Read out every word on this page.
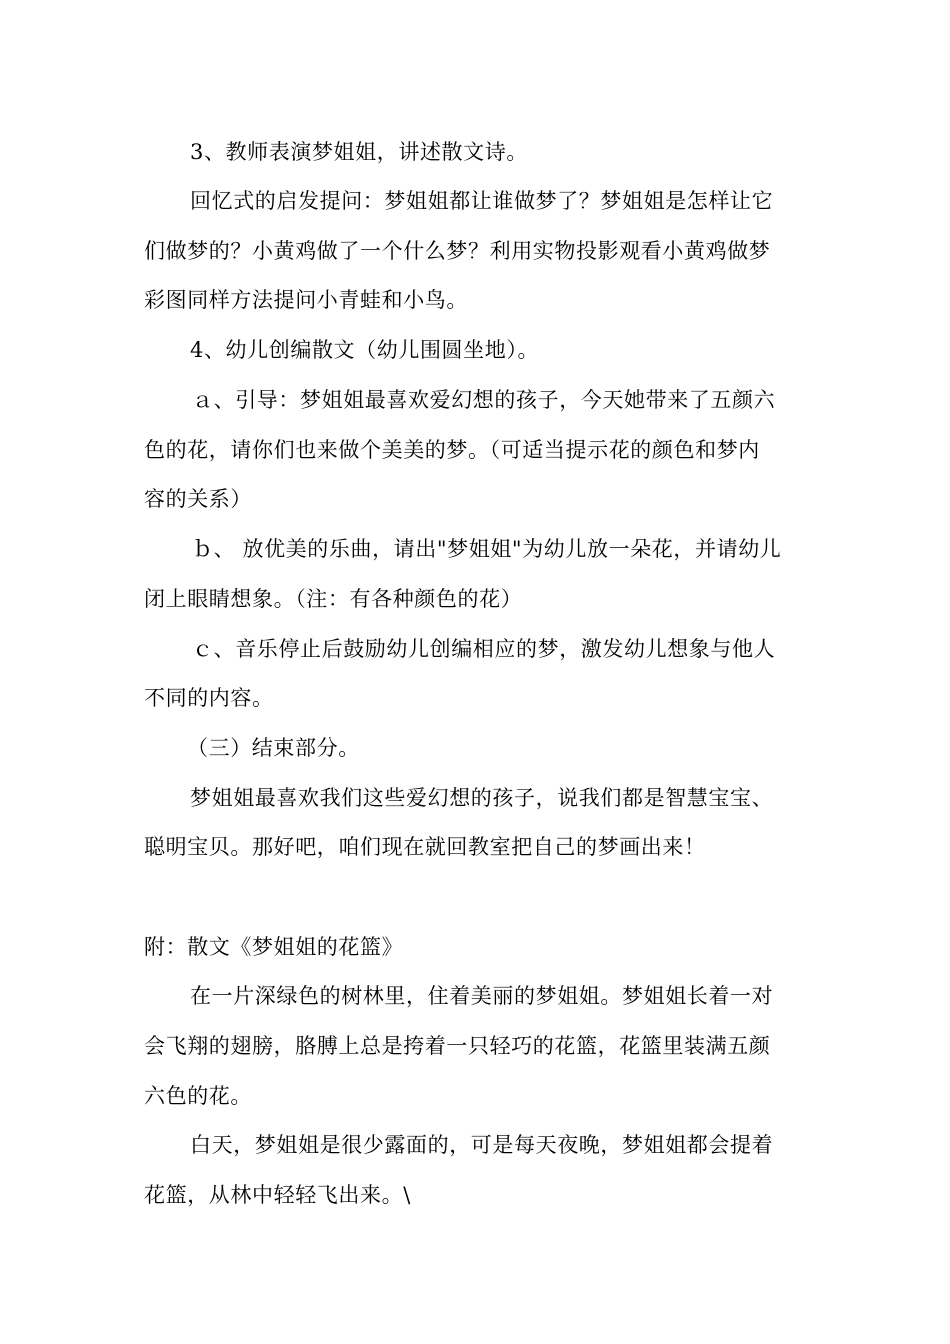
3、教师表演梦姐姐，讲述散文诗。
回忆式的启发提问：梦姐姐都让谁做梦了？梦姐姐是怎样让它
们做梦的？小黄鸡做了一个什么梦？利用实物投影观看小黄鸡做梦
彩图同样方法提问小青蛙和小鸟。
4、幼儿创编散文（幼儿围圆坐地）。
ａ、引导：梦姐姐最喜欢爱幻想的孩子，今天她带来了五颜六
色的花，请你们也来做个美美的梦。（可适当提示花的颜色和梦内
容的关系）
ｂ、 放优美的乐曲，请出"梦姐姐"为幼儿放一朵花，并请幼儿
闭上眼睛想象。（注：有各种颜色的花）
ｃ、音乐停止后鼓励幼儿创编相应的梦，激发幼儿想象与他人
不同的内容。
（三）结束部分。
梦姐姐最喜欢我们这些爱幻想的孩子，说我们都是智慧宝宝、
聪明宝贝。那好吧，咱们现在就回教室把自己的梦画出来！
附：散文《梦姐姐的花篮》
在一片深绿色的树林里，住着美丽的梦姐姐。梦姐姐长着一对
会飞翔的翅膀，胳膊上总是挎着一只轻巧的花篮，花篮里装满五颜
六色的花。
白天，梦姐姐是很少露面的，可是每天夜晚，梦姐姐都会提着
花篮，从林中轻轻飞出来。\
